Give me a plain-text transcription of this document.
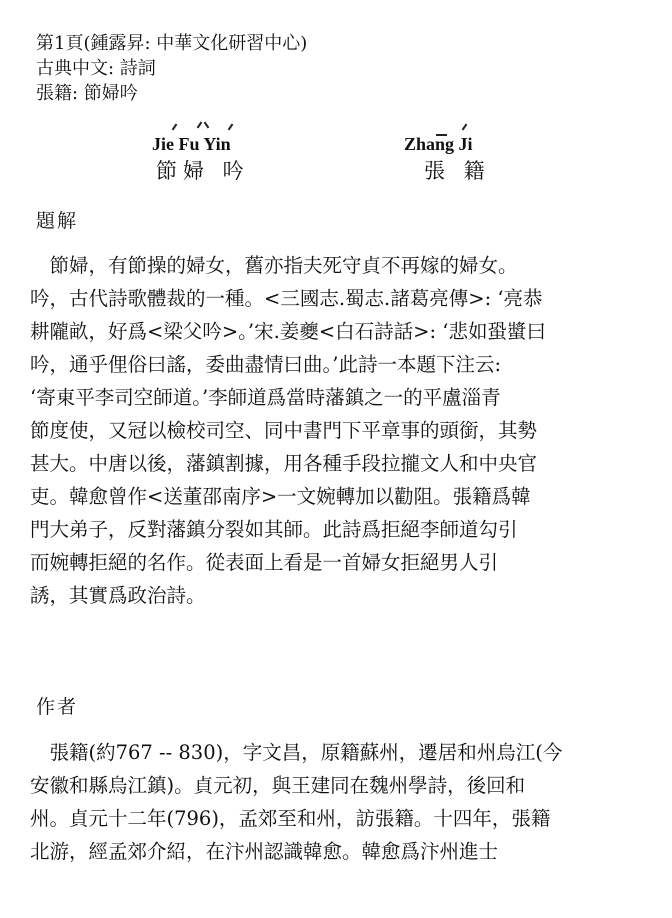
第1頁(鍾露昇: 中華文化研習中心)
古典中文: 詩詞
張籍: 節婦吟
Jie Fu Yin
節婦 吟
Zhang Ji
張 籍
題解
　節婦，有節操的婦女，舊亦指夫死守貞不再嫁的婦女。
吟，古代詩歌體裁的一種。<三國志.蜀志.諸葛亮傳>: ‘亮恭
耕隴畝，好爲<梁父吟>。’宋.姜夔<白石詩話>: ‘悲如蛩螿曰
吟，通乎俚俗曰謠，委曲盡情曰曲。’此詩一本題下注云:
‘寄東平李司空師道。’李師道爲當時藩鎮之一的平盧淄青
節度使，又冠以檢校司空、同中書門下平章事的頭銜，其勢
甚大。中唐以後，藩鎮割據，用各種手段拉攏文人和中央官
吏。韓愈曾作<送董邵南序>一文婉轉加以勸阻。張籍爲韓
門大弟子，反對藩鎮分裂如其師。此詩爲拒絕李師道勾引
而婉轉拒絕的名作。從表面上看是一首婦女拒絕男人引
誘，其實爲政治詩。
作者
　張籍(約767 -- 830)，字文昌，原籍蘇州，遷居和州烏江(今
安徽和縣烏江鎮)。貞元初，與王建同在魏州學詩，後回和
州。貞元十二年(796)，孟郊至和州，訪張籍。十四年，張籍
北游，經孟郊介紹，在汴州認識韓愈。韓愈爲汴州進士
